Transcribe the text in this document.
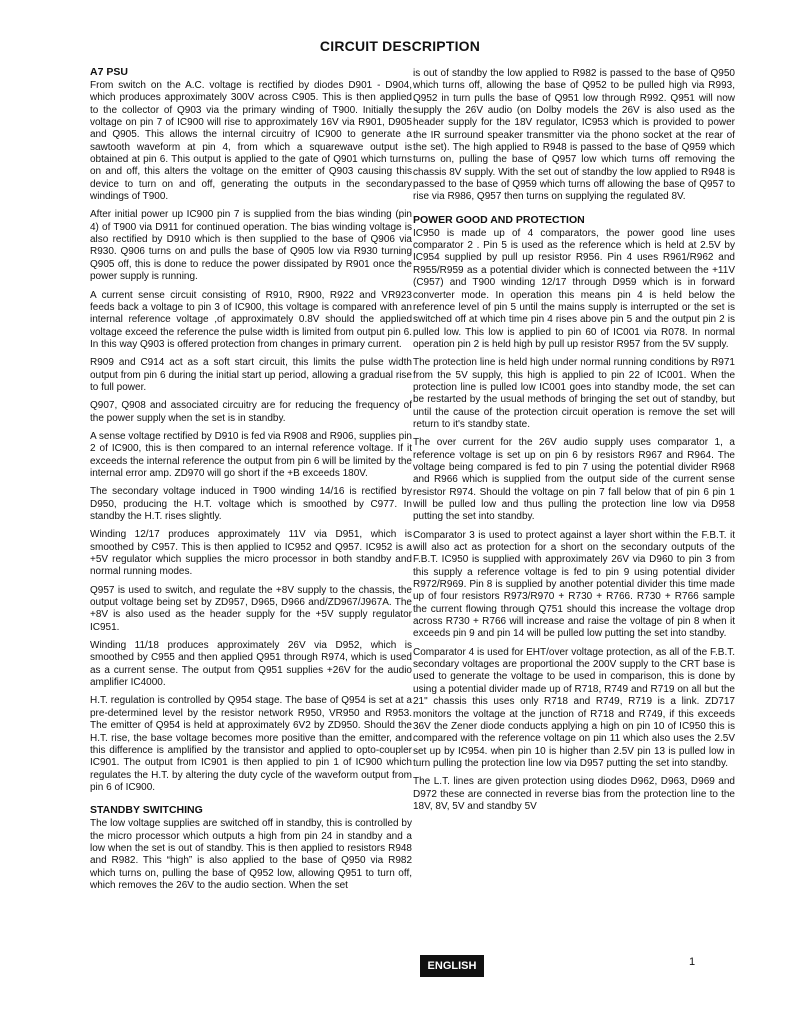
CIRCUIT DESCRIPTION
A7 PSU

From switch on the A.C. voltage is rectified by diodes D901 - D904, which produces approximately 300V across C905. This is then applied to the collector of Q903 via the primary winding of T900. Initially the voltage on pin 7 of IC900 will rise to approximately 16V via R901, D905 and Q905. This allows the internal circuitry of IC900 to generate a sawtooth waveform at pin 4, from which a squarewave output is obtained at pin 6. This output is applied to the gate of Q901 which turns on and off, this alters the voltage on the emitter of Q903 causing this device to turn on and off, generating the outputs in the secondary windings of T900.

After initial power up IC900 pin 7 is supplied from the bias winding (pin 4) of T900 via D911 for continued operation. The bias winding voltage is also rectified by D910 which is then supplied to the base of Q906 via R930. Q906 turns on and pulls the base of Q905 low via R930 turning Q905 off, this is done to reduce the power dissipated by R901 once the power supply is running.

A current sense circuit consisting of R910, R900, R922 and VR923 feeds back a voltage to pin 3 of IC900, this voltage is compared with an internal reference voltage ,of approximately 0.8V should the applied voltage exceed the reference the pulse width is limited from output pin 6. In this way Q903 is offered protection from changes in primary current.

R909 and C914 act as a soft start circuit, this limits the pulse width output from pin 6 during the initial start up period, allowing a gradual rise to full power.

Q907, Q908 and associated circuitry are for reducing the frequency of the power supply when the set is in standby.

A sense voltage rectified by D910 is fed via R908 and R906, supplies pin 2 of IC900, this is then compared to an internal reference voltage. If it exceeds the internal reference the output from pin 6 will be limited by the internal error amp. ZD970 will go short if the +B exceeds 180V.

The secondary voltage induced in T900 winding 14/16 is rectified by D950, producing the H.T. voltage which is smoothed by C977. In standby the H.T. rises slightly.

Winding 12/17 produces approximately 11V via D951, which is smoothed by C957. This is then applied to IC952 and Q957. IC952 is a +5V regulator which supplies the micro processor in both standby and normal running modes.

Q957 is used to switch, and regulate the +8V supply to the chassis, the output voltage being set by ZD957, D965, D966 and/ZD967/J967A. The +8V is also used as the header supply for the +5V supply regulator IC951.

Winding 11/18 produces approximately 26V via D952, which is smoothed by C955 and then applied Q951 through R974, which is used as a current sense. The output from Q951 supplies +26V for the audio amplifier IC4000.

H.T. regulation is controlled by Q954 stage. The base of Q954 is set at a pre-determined level by the resistor network R950, VR950 and R953. The emitter of Q954 is held at approximately 6V2 by ZD950. Should the H.T. rise, the base voltage becomes more positive than the emitter, and this difference is amplified by the transistor and applied to opto-coupler IC901. The output from IC901 is then applied to pin 1 of IC900 which regulates the H.T. by altering the duty cycle of the waveform output from pin 6 of IC900.

STANDBY SWITCHING

The low voltage supplies are switched off in standby, this is controlled by the micro processor which outputs a high from pin 24 in standby and a low when the set is out of standby. This is then applied to resistors R948 and R982. This “high” is also applied to the base of Q950 via R982 which turns on, pulling the base of Q952 low, allowing Q951 to turn off, which removes the 26V to the audio section. When the set

is out of standby the low applied to R982 is passed to the base of Q950 which turns off, allowing the base of Q952 to be pulled high via R993, Q952 in turn pulls the base of Q951 low through R992. Q951 will now supply the 26V audio (on Dolby models the 26V is also used as the header supply for the 18V regulator, IC953 which is provided to power the IR surround speaker transmitter via the phono socket at the rear of the set). The high applied to R948 is passed to the base of Q959 which turns on, pulling the base of Q957 low which turns off removing the chassis 8V supply. With the set out of standby the low applied to R948 is passed to the base of Q959 which turns off allowing the base of Q957 to rise via R986, Q957 then turns on supplying the regulated 8V.

POWER GOOD AND PROTECTION

IC950 is made up of 4 comparators, the power good line uses comparator 2 . Pin 5 is used as the reference which is held at 2.5V by IC954 supplied by pull up resistor R956. Pin 4 uses R961/R962 and R955/R959 as a potential divider which is connected between the +11V (C957) and T900 winding 12/17 through D959 which is in forward converter mode. In operation this means pin 4 is held below the reference level of pin 5 until the mains supply is interrupted or the set is switched off at which time pin 4 rises above pin 5 and the output pin 2 is pulled low. This low is applied to pin 60 of IC001 via R078. In normal operation pin 2 is held high by pull up resistor R957 from the 5V supply.

The protection line is held high under normal running conditions by R971 from the 5V supply, this high is applied to pin 22 of IC001. When the protection line is pulled low IC001 goes into standby mode, the set can be restarted by the usual methods of bringing the set out of standby, but until the cause of the protection circuit operation is remove the set will return to it's standby state.

The over current for the 26V audio supply uses comparator 1, a reference voltage is set up on pin 6 by resistors R967 and R964. The voltage being compared is fed to pin 7 using the potential divider R968 and R966 which is supplied from the output side of the current sense resistor R974. Should the voltage on pin 7 fall below that of pin 6 pin 1 will be pulled low and thus pulling the protection line low via D958 putting the set into standby.

Comparator 3 is used to protect against a layer short within the F.B.T. it will also act as protection for a short on the secondary outputs of the F.B.T. IC950 is supplied with approximately 26V via D960 to pin 3 from this supply a reference voltage is fed to pin 9 using potential divider R972/R969. Pin 8 is supplied by another potential divider this time made up of four resistors R973/R970 + R730 + R766. R730 + R766 sample the current flowing through Q751 should this increase the voltage drop across R730 + R766 will increase and raise the voltage of pin 8 when it exceeds pin 9 and pin 14 will be pulled low putting the set into standby.

Comparator 4 is used for EHT/over voltage protection, as all of the F.B.T. secondary voltages are proportional the 200V supply to the CRT base is used to generate the voltage to be used in comparison, this is done by using a potential divider made up of R718, R749 and R719 on all but the 21" chassis this uses only R718 and R749, R719 is a link. ZD717 monitors the voltage at the junction of R718 and R749, if this exceeds 36V the Zener diode conducts applying a high on pin 10 of IC950 this is compared with the reference voltage on pin 11 which also uses the 2.5V set up by IC954. when pin 10 is higher than 2.5V pin 13 is pulled low in turn pulling the protection line low via D957 putting the set into standby.

The L.T. lines are given protection using diodes D962, D963, D969 and D972 these are connected in reverse bias from the protection line to the 18V, 8V, 5V and standby 5V

ENGLISH	1
